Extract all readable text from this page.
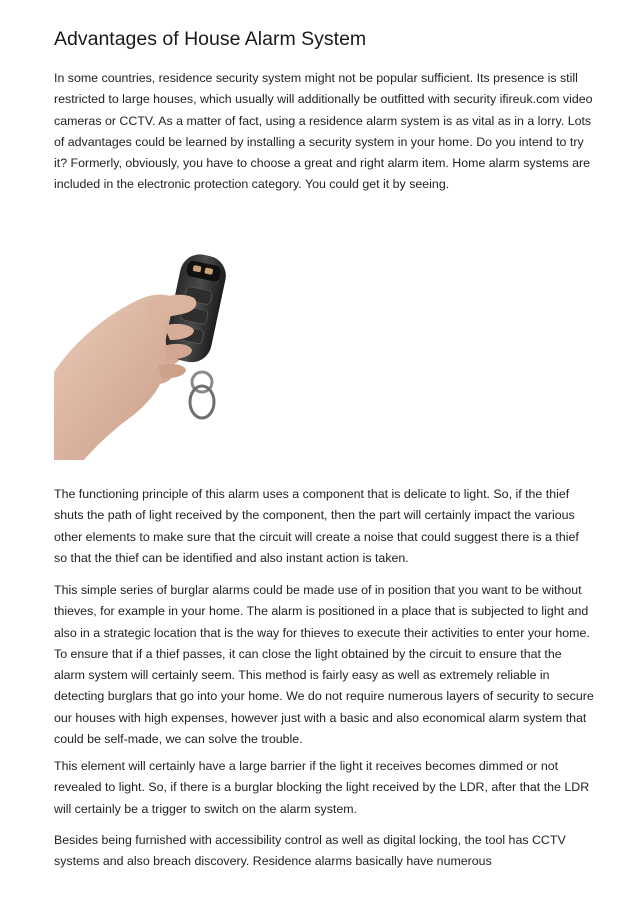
Advantages of House Alarm System

In some countries, residence security system might not be popular sufficient. Its presence is still restricted to large houses, which usually will additionally be outfitted with security ifireuk.com video cameras or CCTV. As a matter of fact, using a residence alarm system is as vital as in a lorry. Lots of advantages could be learned by installing a security system in your home. Do you intend to try it? Formerly, obviously, you have to choose a great and right alarm item. Home alarm systems are included in the electronic protection category. You could get it by seeing.

The functioning principle of this alarm uses a component that is delicate to light. So, if the thief shuts the path of light received by the component, then the part will certainly impact the various other elements to make sure that the circuit will create a noise that could suggest there is a thief so that the thief can be identified and also instant action is taken.

This simple series of burglar alarms could be made use of in position that you want to be without thieves, for example in your home. The alarm is positioned in a place that is subjected to light and also in a strategic location that is the way for thieves to execute their activities to enter your home. To ensure that if a thief passes, it can close the light obtained by the circuit to ensure that the alarm system will certainly seem. This method is fairly easy as well as extremely reliable in detecting burglars that go into your home. We do not require numerous layers of security to secure our houses with high expenses, however just with a basic and also economical alarm system that could be self-made, we can solve the trouble.

This element will certainly have a large barrier if the light it receives becomes dimmed or not revealed to light. So, if there is a burglar blocking the light received by the LDR, after that the LDR will certainly be a trigger to switch on the alarm system.

Besides being furnished with accessibility control as well as digital locking, the tool has CCTV systems and also breach discovery. Residence alarms basically have numerous
